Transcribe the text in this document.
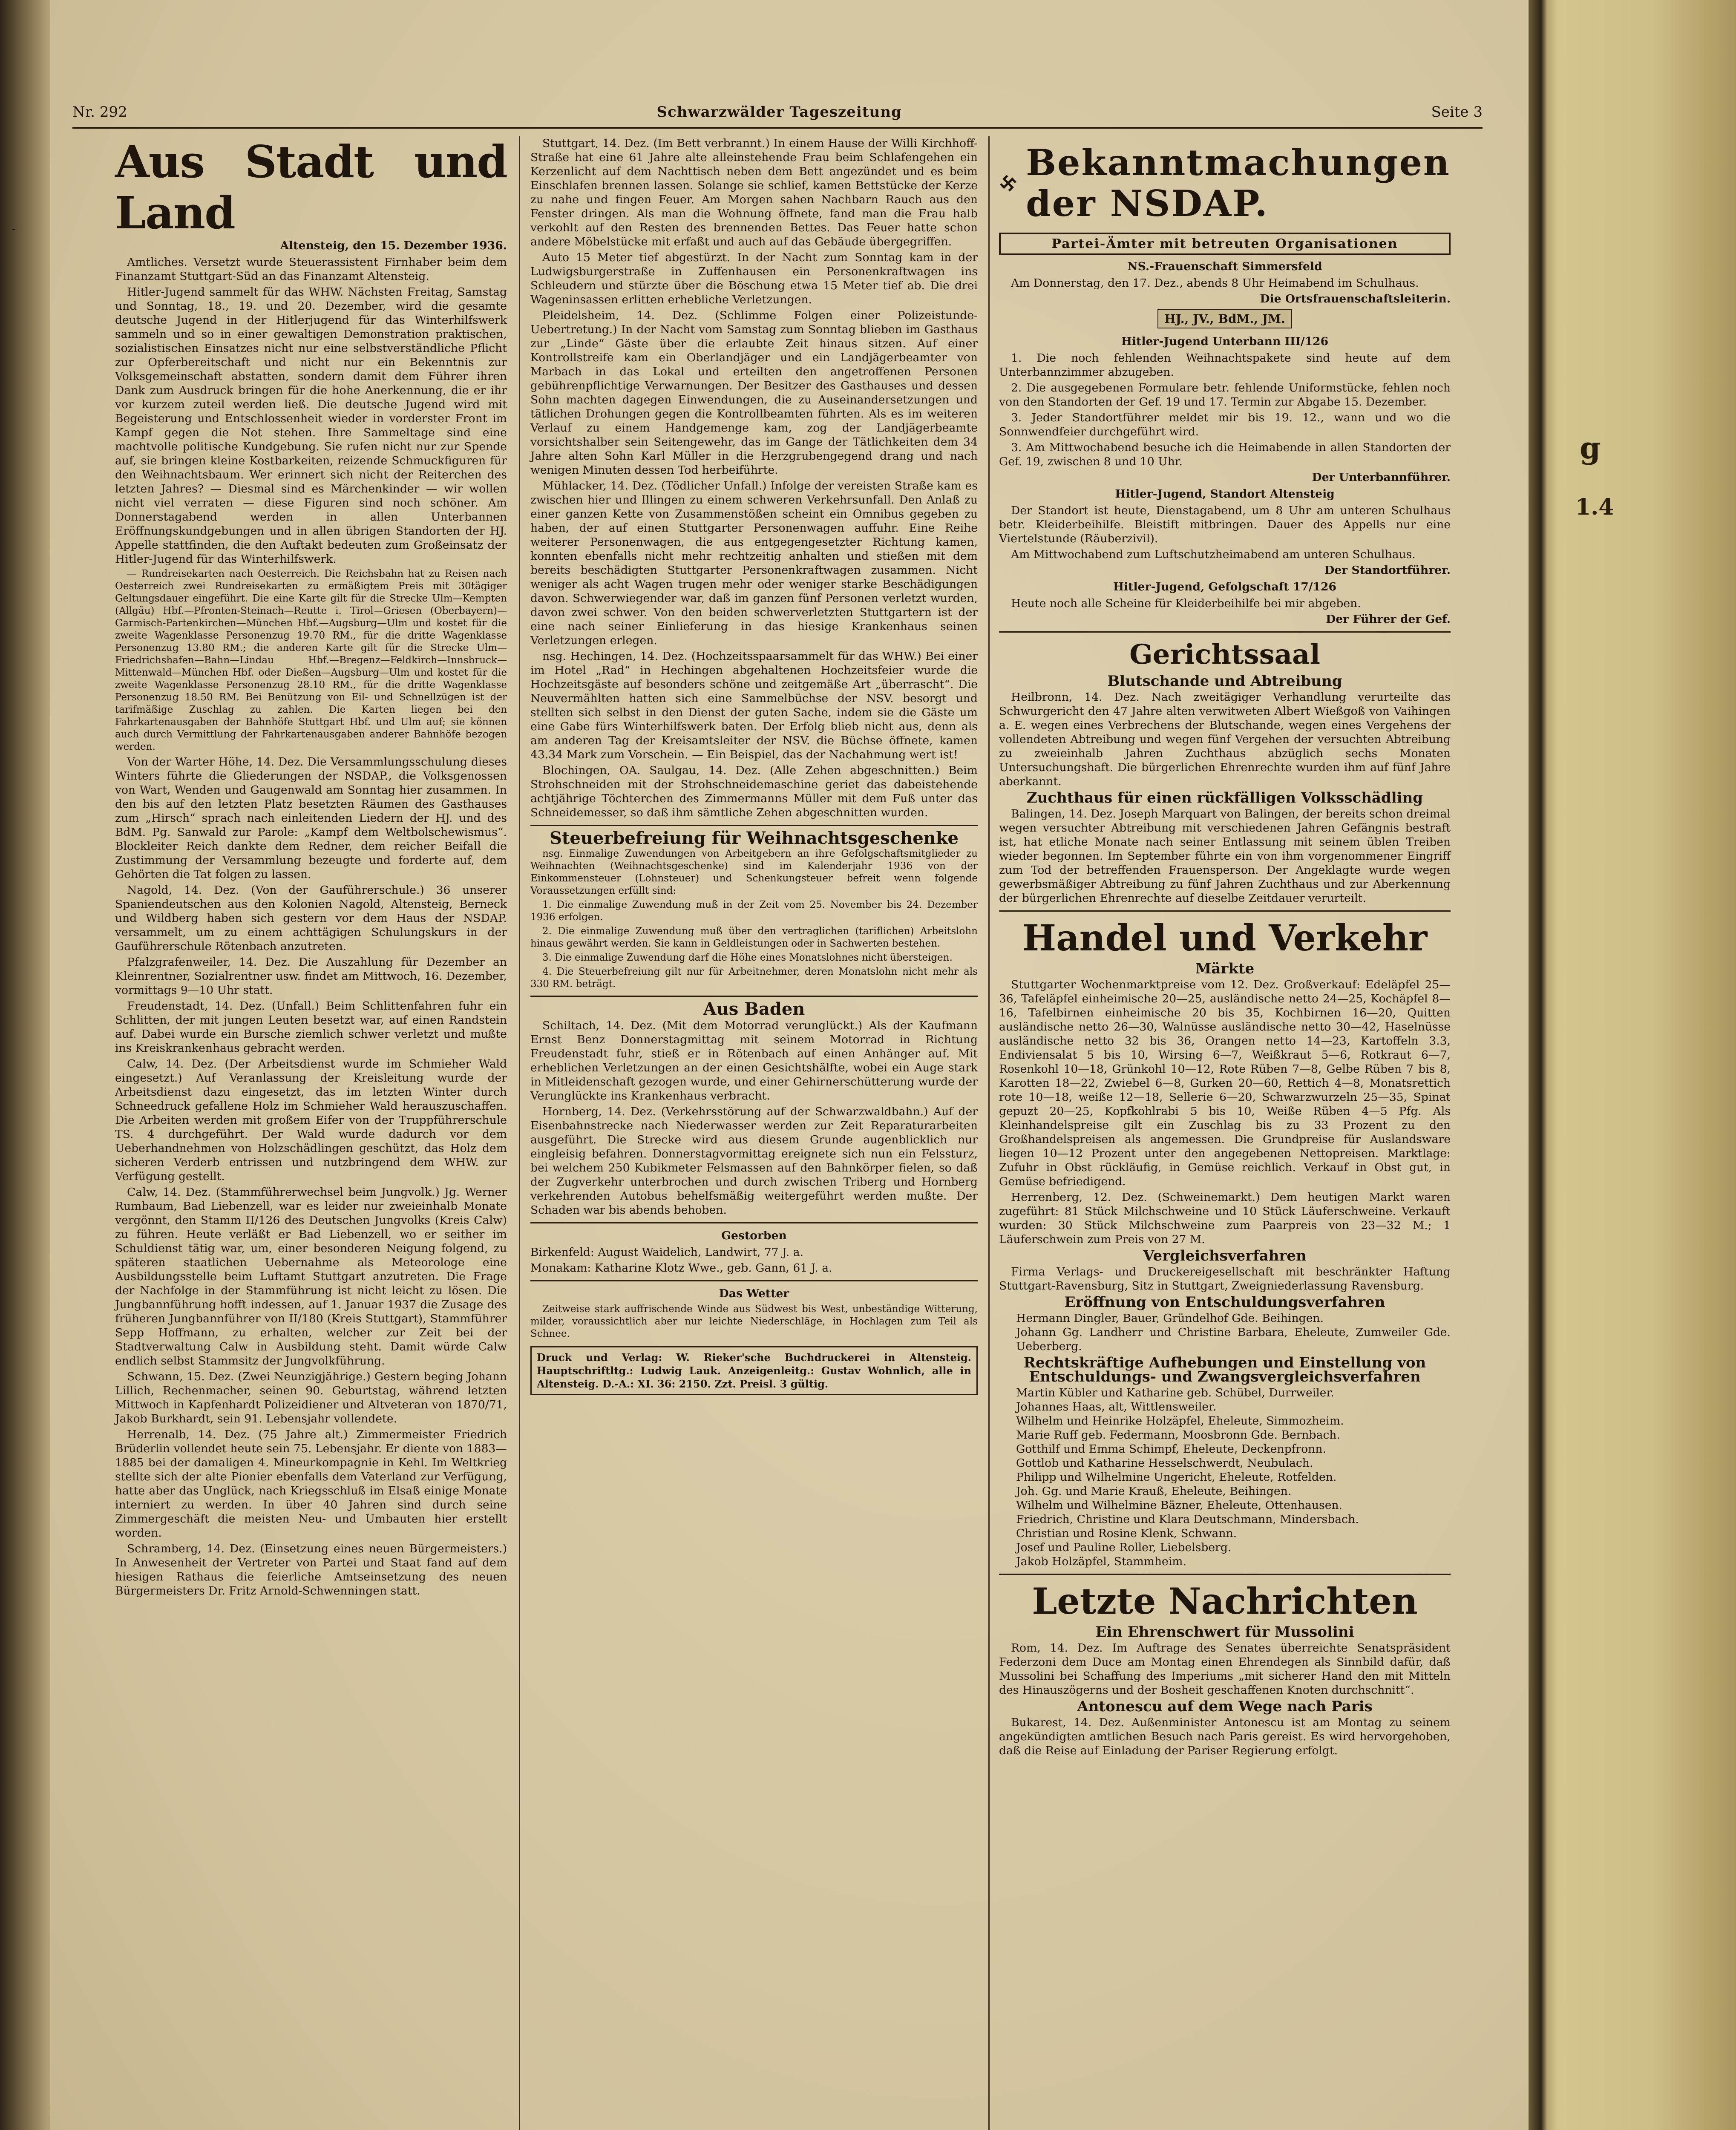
-
g
1.4
Nr. 292	Schwarzwälder Tageszeitung	Seite 3
Aus Stadt und Land
Altensteig, den 15. Dezember 1936.

Amtliches. Versetzt wurde Steuerassistent Firnhaber beim dem Finanzamt Stuttgart-Süd an das Finanzamt Altensteig.

Hitler-Jugend sammelt für das WHW. Nächsten Freitag, Samstag und Sonntag, 18., 19. und 20. Dezember, wird die gesamte deutsche Jugend in der Hitlerjugend für das Winterhilfswerk sammeln und so in einer gewaltigen Demonstration praktischen, sozialistischen Einsatzes nicht nur eine selbstverständliche Pflicht zur Opferbereitschaft und nicht nur ein Bekenntnis zur Volksgemeinschaft abstatten, sondern damit dem Führer ihren Dank zum Ausdruck bringen für die hohe Anerkennung, die er ihr vor kurzem zuteil werden ließ. Die deutsche Jugend wird mit Begeisterung und Entschlossenheit wieder in vorderster Front im Kampf gegen die Not stehen. Ihre Sammeltage sind eine machtvolle politische Kundgebung. Sie rufen nicht nur zur Spende auf, sie bringen kleine Kostbarkeiten, reizende Schmuckfiguren für den Weihnachtsbaum. Wer erinnert sich nicht der Reiterchen des letzten Jahres? — Diesmal sind es Märchenkinder — wir wollen nicht viel verraten — diese Figuren sind noch schöner. Am Donnerstagabend werden in allen Unterbannen Eröffnungskundgebungen und in allen übrigen Standorten der HJ. Appelle stattfinden, die den Auftakt bedeuten zum Großeinsatz der Hitler-Jugend für das Winterhilfswerk.

— Rundreisekarten nach Oesterreich. Die Reichsbahn hat zu Reisen nach Oesterreich zwei Rundreisekarten zu ermäßigtem Preis mit 30tägiger Geltungsdauer eingeführt. Die eine Karte gilt für die Strecke Ulm—Kempten (Allgäu) Hbf.—Pfronten-Steinach—Reutte i. Tirol—Griesen (Oberbayern)—Garmisch-Partenkirchen—München Hbf.—Augsburg—Ulm und kostet für die zweite Wagenklasse Personenzug 19.70 RM., für die dritte Wagenklasse Personenzug 13.80 RM.; die anderen Karte gilt für die Strecke Ulm—Friedrichshafen—Bahn—Lindau Hbf.—Bregenz—Feldkirch—Innsbruck—Mittenwald—München Hbf. oder Dießen—Augsburg—Ulm und kostet für die zweite Wagenklasse Personenzug 28.10 RM., für die dritte Wagenklasse Personenzug 18.50 RM. Bei Benützung von Eil- und Schnellzügen ist der tarifmäßige Zuschlag zu zahlen. Die Karten liegen bei den Fahrkartenausgaben der Bahnhöfe Stuttgart Hbf. und Ulm auf; sie können auch durch Vermittlung der Fahrkartenausgaben anderer Bahnhöfe bezogen werden.

Von der Warter Höhe, 14. Dez. Die Versammlungsschulung dieses Winters führte die Gliederungen der NSDAP., die Volksgenossen von Wart, Wenden und Gaugenwald am Sonntag hier zusammen. In den bis auf den letzten Platz besetzten Räumen des Gasthauses zum „Hirsch“ sprach nach einleitenden Liedern der HJ. und des BdM. Pg. Sanwald zur Parole: „Kampf dem Weltbolschewismus“. Blockleiter Reich dankte dem Redner, dem reicher Beifall die Zustimmung der Versammlung bezeugte und forderte auf, dem Gehörten die Tat folgen zu lassen.

Nagold, 14. Dez. (Von der Gauführerschule.) 36 unserer Spaniendeutschen aus den Kolonien Nagold, Altensteig, Berneck und Wildberg haben sich gestern vor dem Haus der NSDAP. versammelt, um zu einem achttägigen Schulungskurs in der Gauführerschule Rötenbach anzutreten.

Pfalzgrafenweiler, 14. Dez. Die Auszahlung für Dezember an Kleinrentner, Sozialrentner usw. findet am Mittwoch, 16. Dezember, vormittags 9—10 Uhr statt.

Freudenstadt, 14. Dez. (Unfall.) Beim Schlittenfahren fuhr ein Schlitten, der mit jungen Leuten besetzt war, auf einen Randstein auf. Dabei wurde ein Bursche ziemlich schwer verletzt und mußte ins Kreiskrankenhaus gebracht werden.

Calw, 14. Dez. (Der Arbeitsdienst wurde im Schmieher Wald eingesetzt.) Auf Veranlassung der Kreisleitung wurde der Arbeitsdienst dazu eingesetzt, das im letzten Winter durch Schneedruck gefallene Holz im Schmieher Wald herauszuschaffen. Die Arbeiten werden mit großem Eifer von der Truppführerschule TS. 4 durchgeführt. Der Wald wurde dadurch vor dem Ueberhandnehmen von Holzschädlingen geschützt, das Holz dem sicheren Verderb entrissen und nutzbringend dem WHW. zur Verfügung gestellt.

Calw, 14. Dez. (Stammführerwechsel beim Jungvolk.) Jg. Werner Rumbaum, Bad Liebenzell, war es leider nur zweieinhalb Monate vergönnt, den Stamm II/126 des Deutschen Jungvolks (Kreis Calw) zu führen. Heute verläßt er Bad Liebenzell, wo er seither im Schuldienst tätig war, um, einer besonderen Neigung folgend, zu späteren staatlichen Uebernahme als Meteorologe eine Ausbildungsstelle beim Luftamt Stuttgart anzutreten. Die Frage der Nachfolge in der Stammführung ist nicht leicht zu lösen. Die Jungbannführung hofft indessen, auf 1. Januar 1937 die Zusage des früheren Jungbannführer von II/180 (Kreis Stuttgart), Stammführer Sepp Hoffmann, zu erhalten, welcher zur Zeit bei der Stadtverwaltung Calw in Ausbildung steht. Damit würde Calw endlich selbst Stammsitz der Jungvolkführung.

Schwann, 15. Dez. (Zwei Neunzigjährige.) Gestern beging Johann Lillich, Rechenmacher, seinen 90. Geburtstag, während letzten Mittwoch in Kapfenhardt Polizeidiener und Altveteran von 1870/71, Jakob Burkhardt, sein 91. Lebensjahr vollendete.

Herrenalb, 14. Dez. (75 Jahre alt.) Zimmermeister Friedrich Brüderlin vollendet heute sein 75. Lebensjahr. Er diente von 1883—1885 bei der damaligen 4. Mineurkompagnie in Kehl. Im Weltkrieg stellte sich der alte Pionier ebenfalls dem Vaterland zur Verfügung, hatte aber das Unglück, nach Kriegsschluß im Elsaß einige Monate interniert zu werden. In über 40 Jahren sind durch seine Zimmergeschäft die meisten Neu- und Umbauten hier erstellt worden.

Schramberg, 14. Dez. (Einsetzung eines neuen Bürgermeisters.) In Anwesenheit der Vertreter von Partei und Staat fand auf dem hiesigen Rathaus die feierliche Amtseinsetzung des neuen Bürgermeisters Dr. Fritz Arnold-Schwenningen statt.

Stuttgart, 14. Dez. (Im Bett verbrannt.) In einem Hause der Willi Kirchhoff-Straße hat eine 61 Jahre alte alleinstehende Frau beim Schlafengehen ein Kerzenlicht auf dem Nachttisch neben dem Bett angezündet und es beim Einschlafen brennen lassen. Solange sie schlief, kamen Bettstücke der Kerze zu nahe und fingen Feuer. Am Morgen sahen Nachbarn Rauch aus den Fenster dringen. Als man die Wohnung öffnete, fand man die Frau halb verkohlt auf den Resten des brennenden Bettes. Das Feuer hatte schon andere Möbelstücke mit erfaßt und auch auf das Gebäude übergegriffen.

Auto 15 Meter tief abgestürzt. In der Nacht zum Sonntag kam in der Ludwigsburgerstraße in Zuffenhausen ein Personenkraftwagen ins Schleudern und stürzte über die Böschung etwa 15 Meter tief ab. Die drei Wageninsassen erlitten erhebliche Verletzungen.

Pleidelsheim, 14. Dez. (Schlimme Folgen einer Polizeistunde-Uebertretung.) In der Nacht vom Samstag zum Sonntag blieben im Gasthaus zur „Linde“ Gäste über die erlaubte Zeit hinaus sitzen. Auf einer Kontrollstreife kam ein Oberlandjäger und ein Landjägerbeamter von Marbach in das Lokal und erteilten den angetroffenen Personen gebührenpflichtige Verwarnungen. Der Besitzer des Gasthauses und dessen Sohn machten dagegen Einwendungen, die zu Auseinandersetzungen und tätlichen Drohungen gegen die Kontrollbeamten führten. Als es im weiteren Verlauf zu einem Handgemenge kam, zog der Landjägerbeamte vorsichtshalber sein Seitengewehr, das im Gange der Tätlichkeiten dem 34 Jahre alten Sohn Karl Müller in die Herzgrubengegend drang und nach wenigen Minuten dessen Tod herbeiführte.

Mühlacker, 14. Dez. (Tödlicher Unfall.) Infolge der vereisten Straße kam es zwischen hier und Illingen zu einem schweren Verkehrsunfall. Den Anlaß zu einer ganzen Kette von Zusammenstößen scheint ein Omnibus gegeben zu haben, der auf einen Stuttgarter Personenwagen auffuhr. Eine Reihe weiterer Personenwagen, die aus entgegengesetzter Richtung kamen, konnten ebenfalls nicht mehr rechtzeitig anhalten und stießen mit dem bereits beschädigten Stuttgarter Personenkraftwagen zusammen. Nicht weniger als acht Wagen trugen mehr oder weniger starke Beschädigungen davon. Schwerwiegender war, daß im ganzen fünf Personen verletzt wurden, davon zwei schwer. Von den beiden schwerverletzten Stuttgartern ist der eine nach seiner Einlieferung in das hiesige Krankenhaus seinen Verletzungen erlegen.

nsg. Hechingen, 14. Dez. (Hochzeitsspaarsammelt für das WHW.) Bei einer im Hotel „Rad“ in Hechingen abgehaltenen Hochzeitsfeier wurde die Hochzeitsgäste auf besonders schöne und zeitgemäße Art „überrascht“. Die Neuvermählten hatten sich eine Sammelbüchse der NSV. besorgt und stellten sich selbst in den Dienst der guten Sache, indem sie die Gäste um eine Gabe fürs Winterhilfswerk baten. Der Erfolg blieb nicht aus, denn als am anderen Tag der Kreisamtsleiter der NSV. die Büchse öffnete, kamen 43.34 Mark zum Vorschein. — Ein Beispiel, das der Nachahmung wert ist!

Blochingen, OA. Saulgau, 14. Dez. (Alle Zehen abgeschnitten.) Beim Strohschneiden mit der Strohschneidemaschine geriet das dabeistehende achtjährige Töchterchen des Zimmermanns Müller mit dem Fuß unter das Schneidemesser, so daß ihm sämtliche Zehen abgeschnitten wurden.

Steuerbefreiung für Weihnachtsgeschenke

nsg. Einmalige Zuwendungen von Arbeitgebern an ihre Gefolgschaftsmitglieder zu Weihnachten (Weihnachtsgeschenke) sind im Kalenderjahr 1936 von der Einkommensteuer (Lohnsteuer) und Schenkungsteuer befreit wenn folgende Voraussetzungen erfüllt sind:

1. Die einmalige Zuwendung muß in der Zeit vom 25. November bis 24. Dezember 1936 erfolgen.

2. Die einmalige Zuwendung muß über den vertraglichen (tariflichen) Arbeitslohn hinaus gewährt werden. Sie kann in Geldleistungen oder in Sachwerten bestehen.

3. Die einmalige Zuwendung darf die Höhe eines Monatslohnes nicht übersteigen.

4. Die Steuerbefreiung gilt nur für Arbeitnehmer, deren Monatslohn nicht mehr als 330 RM. beträgt.

Aus Baden

Schiltach, 14. Dez. (Mit dem Motorrad verunglückt.) Als der Kaufmann Ernst Benz Donnerstagmittag mit seinem Motorrad in Richtung Freudenstadt fuhr, stieß er in Rötenbach auf einen Anhänger auf. Mit erheblichen Verletzungen an der einen Gesichtshälfte, wobei ein Auge stark in Mitleidenschaft gezogen wurde, und einer Gehirnerschütterung wurde der Verunglückte ins Krankenhaus verbracht.

Hornberg, 14. Dez. (Verkehrsstörung auf der Schwarzwaldbahn.) Auf der Eisenbahnstrecke nach Niederwasser werden zur Zeit Reparaturarbeiten ausgeführt. Die Strecke wird aus diesem Grunde augenblicklich nur eingleisig befahren. Donnerstagvormittag ereignete sich nun ein Felssturz, bei welchem 250 Kubikmeter Felsmassen auf den Bahnkörper fielen, so daß der Zugverkehr unterbrochen und durch zwischen Triberg und Hornberg verkehrenden Autobus behelfsmäßig weitergeführt werden mußte. Der Schaden war bis abends behoben.

Gestorben

Birkenfeld: August Waidelich, Landwirt, 77 J. a.

Monakam: Katharine Klotz Wwe., geb. Gann, 61 J. a.

Das Wetter

Zeitweise stark auffrischende Winde aus Südwest bis West, unbeständige Witterung, milder, voraussichtlich aber nur leichte Niederschläge, in Hochlagen zum Teil als Schnee.

Druck und Verlag: W. Rieker'sche Buchdruckerei in Altensteig. Hauptschriftltg.: Ludwig Lauk. Anzeigenleitg.: Gustav Wohnlich, alle in Altensteig. D.-A.: XI. 36: 2150. Zzt. Preisl. 3 gültig.
Bekanntmachungen
der NSDAP.
Partei-Ämter mit betreuten Organisationen
NS.-Frauenschaft Simmersfeld

Am Donnerstag, den 17. Dez., abends 8 Uhr Heimabend im Schulhaus.

Die Ortsfrauenschaftsleiterin.
HJ., JV., BdM., JM.
Hitler-Jugend Unterbann III/126

1. Die noch fehlenden Weihnachtspakete sind heute auf dem Unterbannzimmer abzugeben.

2. Die ausgegebenen Formulare betr. fehlende Uniformstücke, fehlen noch von den Standorten der Gef. 19 und 17. Termin zur Abgabe 15. Dezember.

3. Jeder Standortführer meldet mir bis 19. 12., wann und wo die Sonnwendfeier durchgeführt wird.

3. Am Mittwochabend besuche ich die Heimabende in allen Standorten der Gef. 19, zwischen 8 und 10 Uhr.

Der Unterbannführer.
Hitler-Jugend, Standort Altensteig

Der Standort ist heute, Dienstagabend, um 8 Uhr am unteren Schulhaus betr. Kleiderbeihilfe. Bleistift mitbringen. Dauer des Appells nur eine Viertelstunde (Räuberzivil).

Am Mittwochabend zum Luftschutzheimabend am unteren Schulhaus.

Der Standortführer.
Hitler-Jugend, Gefolgschaft 17/126

Heute noch alle Scheine für Kleiderbeihilfe bei mir abgeben.

Der Führer der Gef.
Gerichtssaal
Blutschande und Abtreibung

Heilbronn, 14. Dez. Nach zweitägiger Verhandlung verurteilte das Schwurgericht den 47 Jahre alten verwitweten Albert Wießgoß von Vaihingen a. E. wegen eines Verbrechens der Blutschande, wegen eines Vergehens der vollendeten Abtreibung und wegen fünf Vergehen der versuchten Abtreibung zu zweieinhalb Jahren Zuchthaus abzüglich sechs Monaten Untersuchungshaft. Die bürgerlichen Ehrenrechte wurden ihm auf fünf Jahre aberkannt.

Zuchthaus für einen rückfälligen Volksschädling

Balingen, 14. Dez. Joseph Marquart von Balingen, der bereits schon dreimal wegen versuchter Abtreibung mit verschiedenen Jahren Gefängnis bestraft ist, hat etliche Monate nach seiner Entlassung mit seinem üblen Treiben wieder begonnen. Im September führte ein von ihm vorgenommener Eingriff zum Tod der betreffenden Frauensperson. Der Angeklagte wurde wegen gewerbsmäßiger Abtreibung zu fünf Jahren Zuchthaus und zur Aberkennung der bürgerlichen Ehrenrechte auf dieselbe Zeitdauer verurteilt.

Handel und Verkehr
Märkte

Stuttgarter Wochenmarktpreise vom 12. Dez. Großverkauf: Edeläpfel 25—36, Tafeläpfel einheimische 20—25, ausländische netto 24—25, Kochäpfel 8—16, Tafelbirnen einheimische 20 bis 35, Kochbirnen 16—20, Quitten ausländische netto 26—30, Walnüsse ausländische netto 30—42, Haselnüsse ausländische netto 32 bis 36, Orangen netto 14—23, Kartoffeln 3.3, Endiviensalat 5 bis 10, Wirsing 6—7, Weißkraut 5—6, Rotkraut 6—7, Rosenkohl 10—18, Grünkohl 10—12, Rote Rüben 7—8, Gelbe Rüben 7 bis 8, Karotten 18—22, Zwiebel 6—8, Gurken 20—60, Rettich 4—8, Monatsrettich rote 10—18, weiße 12—18, Sellerie 6—20, Schwarzwurzeln 25—35, Spinat gepuzt 20—25, Kopfkohlrabi 5 bis 10, Weiße Rüben 4—5 Pfg. Als Kleinhandelspreise gilt ein Zuschlag bis zu 33 Prozent zu den Großhandelspreisen als angemessen. Die Grundpreise für Auslandsware liegen 10—12 Prozent unter den angegebenen Nettopreisen. Marktlage: Zufuhr in Obst rückläufig, in Gemüse reichlich. Verkauf in Obst gut, in Gemüse befriedigend.

Herrenberg, 12. Dez. (Schweinemarkt.) Dem heutigen Markt waren zugeführt: 81 Stück Milchschweine und 10 Stück Läuferschweine. Verkauft wurden: 30 Stück Milchschweine zum Paarpreis von 23—32 M.; 1 Läuferschwein zum Preis von 27 M.

Vergleichsverfahren

Firma Verlags- und Druckereigesellschaft mit beschränkter Haftung Stuttgart-Ravensburg, Sitz in Stuttgart, Zweigniederlassung Ravensburg.

Eröffnung von Entschuldungsverfahren

Hermann Dingler, Bauer, Gründelhof Gde. Beihingen.

Johann Gg. Landherr und Christine Barbara, Eheleute, Zumweiler Gde. Ueberberg.

Rechtskräftige Aufhebungen und Einstellung von Entschuldungs- und Zwangsvergleichsverfahren

Martin Kübler und Katharine geb. Schübel, Durrweiler.

Johannes Haas, alt, Wittlensweiler.

Wilhelm und Heinrike Holzäpfel, Eheleute, Simmozheim.

Marie Ruff geb. Federmann, Moosbronn Gde. Bernbach.

Gotthilf und Emma Schimpf, Eheleute, Deckenpfronn.

Gottlob und Katharine Hesselschwerdt, Neubulach.

Philipp und Wilhelmine Ungericht, Eheleute, Rotfelden.

Joh. Gg. und Marie Krauß, Eheleute, Beihingen.

Wilhelm und Wilhelmine Bäzner, Eheleute, Ottenhausen.

Friedrich, Christine und Klara Deutschmann, Mindersbach.

Christian und Rosine Klenk, Schwann.

Josef und Pauline Roller, Liebelsberg.

Jakob Holzäpfel, Stammheim.

Letzte Nachrichten
Ein Ehrenschwert für Mussolini

Rom, 14. Dez. Im Auftrage des Senates überreichte Senatspräsident Federzoni dem Duce am Montag einen Ehrendegen als Sinnbild dafür, daß Mussolini bei Schaffung des Imperiums „mit sicherer Hand den mit Mitteln des Hinauszögerns und der Bosheit geschaffenen Knoten durchschnitt“.

Antonescu auf dem Wege nach Paris

Bukarest, 14. Dez. Außenminister Antonescu ist am Montag zu seinem angekündigten amtlichen Besuch nach Paris gereist. Es wird hervorgehoben, daß die Reise auf Einladung der Pariser Regierung erfolgt.
